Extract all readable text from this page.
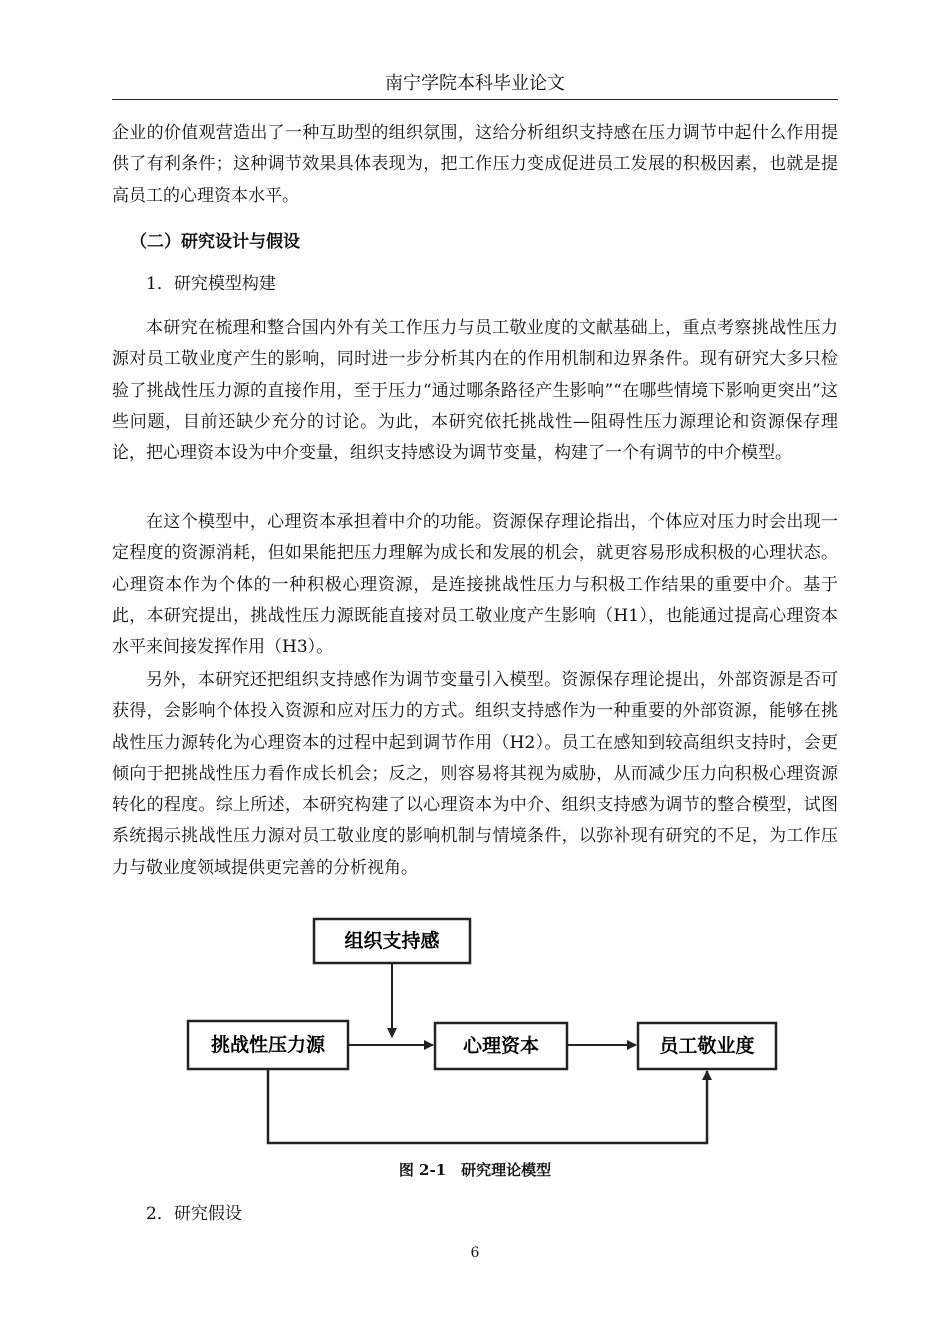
南宁学院本科毕业论文

企业的价值观营造出了一种互助型的组织氛围，这给分析组织支持感在压力调节中起什么作用提供了有利条件；这种调节效果具体表现为，把工作压力变成促进员工发展的积极因素，也就是提高员工的心理资本水平。

（二）研究设计与假设
1．研究模型构建

本研究在梳理和整合国内外有关工作压力与员工敬业度的文献基础上，重点考察挑战性压力源对员工敬业度产生的影响，同时进一步分析其内在的作用机制和边界条件。现有研究大多只检验了挑战性压力源的直接作用，至于压力“通过哪条路径产生影响”“在哪些情境下影响更突出”这些问题，目前还缺少充分的讨论。为此，本研究依托挑战性—阻碍性压力源理论和资源保存理论，把心理资本设为中介变量，组织支持感设为调节变量，构建了一个有调节的中介模型。

在这个模型中，心理资本承担着中介的功能。资源保存理论指出，个体应对压力时会出现一定程度的资源消耗，但如果能把压力理解为成长和发展的机会，就更容易形成积极的心理状态。心理资本作为个体的一种积极心理资源，是连接挑战性压力与积极工作结果的重要中介。基于此，本研究提出，挑战性压力源既能直接对员工敬业度产生影响（H1），也能通过提高心理资本水平来间接发挥作用（H3）。

另外，本研究还把组织支持感作为调节变量引入模型。资源保存理论提出，外部资源是否可获得，会影响个体投入资源和应对压力的方式。组织支持感作为一种重要的外部资源，能够在挑战性压力源转化为心理资本的过程中起到调节作用（H2）。员工在感知到较高组织支持时，会更倾向于把挑战性压力看作成长机会；反之，则容易将其视为威胁，从而减少压力向积极心理资源转化的程度。综上所述，本研究构建了以心理资本为中介、组织支持感为调节的整合模型，试图系统揭示挑战性压力源对员工敬业度的影响机制与情境条件，以弥补现有研究的不足，为工作压力与敬业度领域提供更完善的分析视角。

组织支持感
挑战性压力源	心理资本	员工敬业度
图 2-1　研究理论模型
2．研究假设
6
